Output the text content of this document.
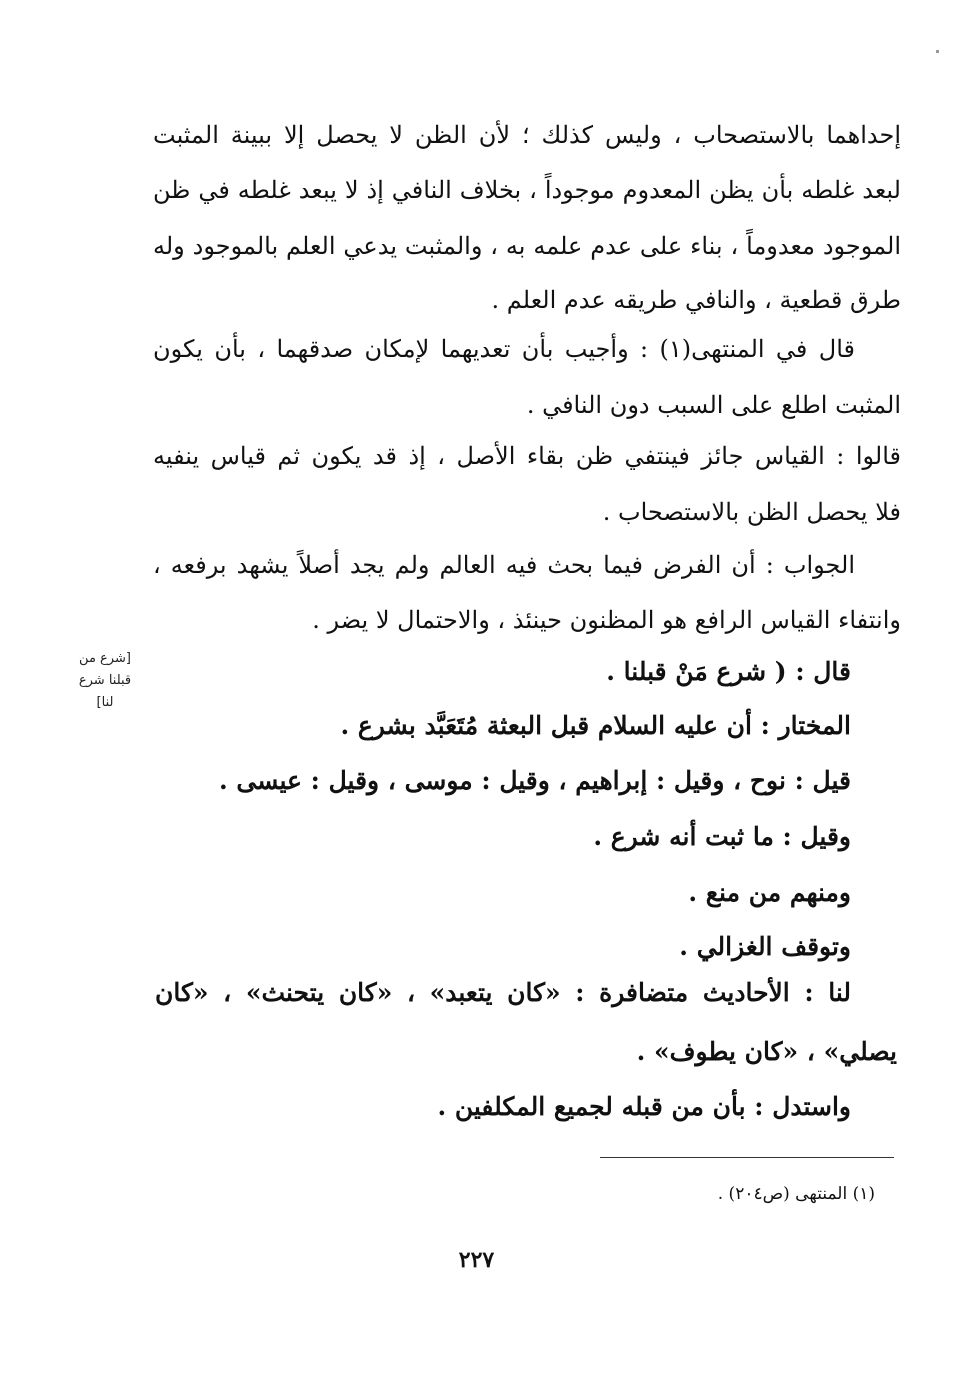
إحداهما بالاستصحاب ، وليس كذلك ؛ لأن الظن لا يحصل إلا ببينة المثبت
لبعد غلطه بأن يظن المعدوم موجوداً ، بخلاف النافي إذ لا يبعد غلطه في ظن
الموجود معدوماً ، بناء على عدم علمه به ، والمثبت يدعي العلم بالموجود وله
طرق قطعية ، والنافي طريقه عدم العلم .
قال في المنتهى(١) : وأجيب بأن تعديهما لإمكان صدقهما ، بأن يكون
المثبت اطلع على السبب دون النافي .
قالوا : القياس جائز فينتفي ظن بقاء الأصل ، إذ قد يكون ثم قياس ينفيه
فلا يحصل الظن بالاستصحاب .
الجواب : أن الفرض فيما بحث فيه العالم ولم يجد أصلاً يشهد برفعه ،
وانتفاء القياس الرافع هو المظنون حينئذ ، والاحتمال لا يضر .
[شرع من
قبلنا شرع
لنا]
قال : ( شرع مَنْ قبلنا .
المختار : أن عليه السلام قبل البعثة مُتَعَبَّد بشرع .
قيل : نوح ، وقيل : إبراهيم ، وقيل : موسى ، وقيل : عيسى .
وقيل : ما ثبت أنه شرع .
ومنهم من منع .
وتوقف الغزالي .
لنا : الأحاديث متضافرة : «كان يتعبد» ، «كان يتحنث» ، «كان
يصلي» ، «كان يطوف» .
واستدل : بأن من قبله لجميع المكلفين .
(١) المنتهى (ص٢٠٤) .
٢٢٧
